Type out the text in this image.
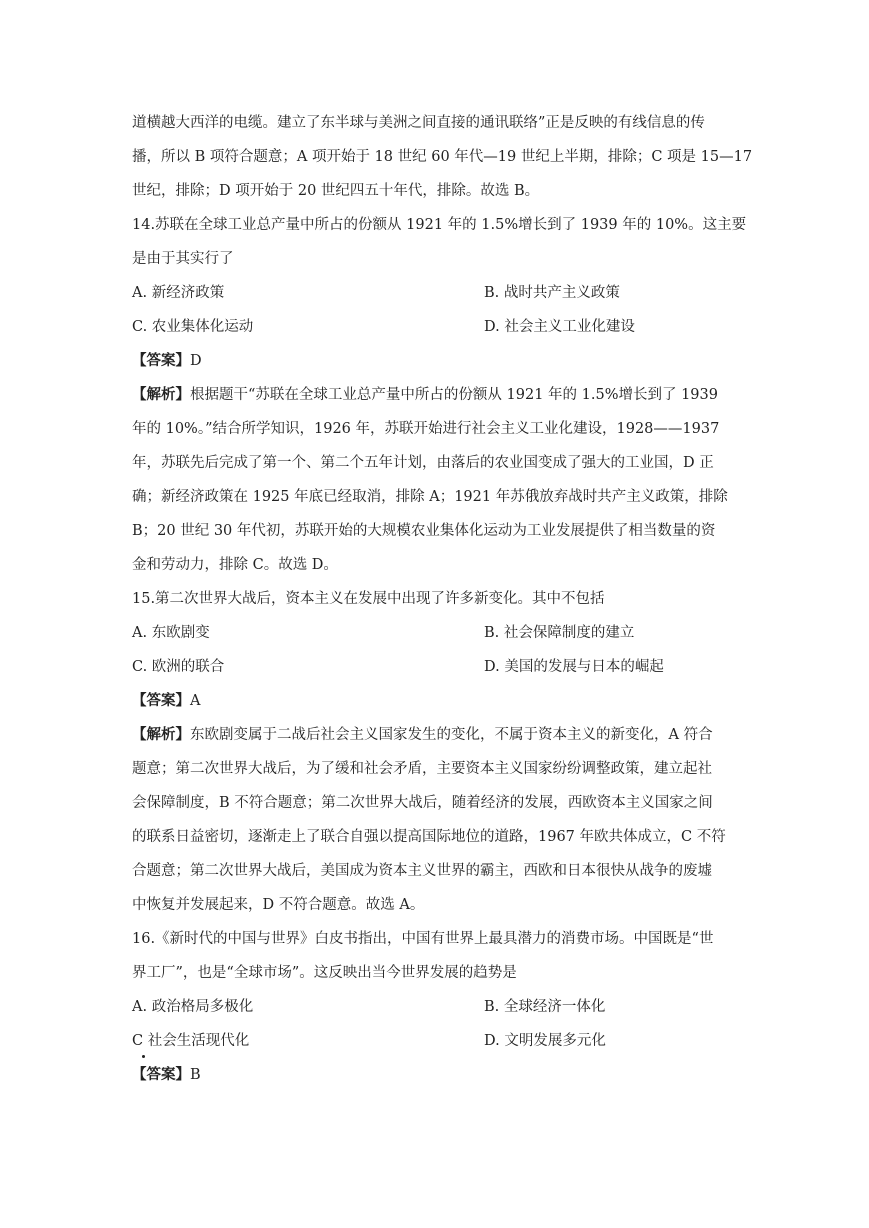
道横越大西洋的电缆。建立了东半球与美洲之间直接的通讯联络”正是反映的有线信息的传
播，所以 B 项符合题意；A 项开始于 18 世纪 60 年代—19 世纪上半期，排除；C 项是 15—17
世纪，排除；D 项开始于 20 世纪四五十年代，排除。故选 B。
14.苏联在全球工业总产量中所占的份额从 1921 年的 1.5%增长到了 1939 年的 10%。这主要
是由于其实行了
A. 新经济政策	B. 战时共产主义政策
C. 农业集体化运动	D. 社会主义工业化建设
【答案】D
【解析】根据题干“苏联在全球工业总产量中所占的份额从 1921 年的 1.5%增长到了 1939
年的 10%。”结合所学知识，1926 年，苏联开始进行社会主义工业化建设，1928——1937
年，苏联先后完成了第一个、第二个五年计划，由落后的农业国变成了强大的工业国，D 正
确；新经济政策在 1925 年底已经取消，排除 A；1921 年苏俄放弃战时共产主义政策，排除
B；20 世纪 30 年代初，苏联开始的大规模农业集体化运动为工业发展提供了相当数量的资
金和劳动力，排除 C。故选 D。
15.第二次世界大战后，资本主义在发展中出现了许多新变化。其中不包括
A. 东欧剧变	B. 社会保障制度的建立
C. 欧洲的联合	D. 美国的发展与日本的崛起
【答案】A
【解析】东欧剧变属于二战后社会主义国家发生的变化，不属于资本主义的新变化，A 符合
题意；第二次世界大战后，为了缓和社会矛盾，主要资本主义国家纷纷调整政策，建立起社
会保障制度，B 不符合题意；第二次世界大战后，随着经济的发展，西欧资本主义国家之间
的联系日益密切，逐渐走上了联合自强以提高国际地位的道路，1967 年欧共体成立，C 不符
合题意；第二次世界大战后，美国成为资本主义世界的霸主，西欧和日本很快从战争的废墟
中恢复并发展起来，D 不符合题意。故选 A。
16.《新时代的中国与世界》白皮书指出，中国有世界上最具潜力的消费市场。中国既是“世
界工厂”，也是“全球市场”。这反映出当今世界发展的趋势是
A. 政治格局多极化	B. 全球经济一体化
C 社会生活现代化	D. 文明发展多元化
【答案】B
